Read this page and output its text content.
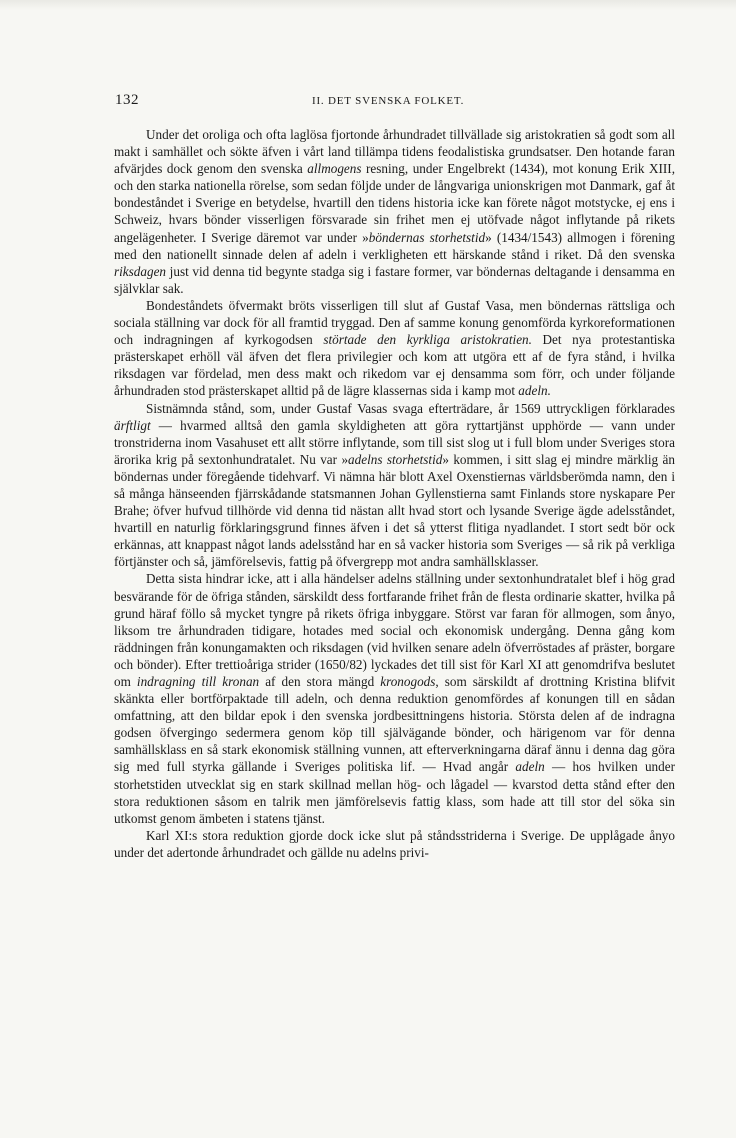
132	II. DET SVENSKA FOLKET.

Under det oroliga och ofta laglösa fjortonde århundradet tillvällade sig aristokratien så godt som all makt i samhället och sökte äfven i vårt land tillämpa tidens feodalistiska grundsatser. Den hotande faran afvärjdes dock genom den svenska allmogens resning, under Engelbrekt (1434), mot konung Erik XIII, och den starka nationella rörelse, som sedan följde under de långvariga unionskrigen mot Danmark, gaf åt bondeståndet i Sverige en betydelse, hvartill den tidens historia icke kan förete något motstycke, ej ens i Schweiz, hvars bönder visserligen försvarade sin frihet men ej utöfvade något inflytande på rikets angelägenheter. I Sverige däremot var under »böndernas storhetstid» (1434/1543) allmogen i förening med den nationellt sinnade delen af adeln i verkligheten ett härskande stånd i riket. Då den svenska riksdagen just vid denna tid begynte stadga sig i fastare former, var böndernas deltagande i densamma en självklar sak.

Bondeståndets öfvermakt bröts visserligen till slut af Gustaf Vasa, men böndernas rättsliga och sociala ställning var dock för all framtid tryggad. Den af samme konung genomförda kyrkoreformationen och indragningen af kyrkogodsen störtade den kyrkliga aristokratien. Det nya protestantiska prästerskapet erhöll väl äfven det flera privilegier och kom att utgöra ett af de fyra stånd, i hvilka riksdagen var fördelad, men dess makt och rikedom var ej densamma som förr, och under följande århundraden stod prästerskapet alltid på de lägre klassernas sida i kamp mot adeln.

Sistnämnda stånd, som, under Gustaf Vasas svaga efterträdare, år 1569 uttryckligen förklarades ärftligt — hvarmed alltså den gamla skyldigheten att göra ryttartjänst upphörde — vann under tronstriderna inom Vasahuset ett allt större inflytande, som till sist slog ut i full blom under Sveriges stora ärorika krig på sextonhundratalet. Nu var »adelns storhetstid» kommen, i sitt slag ej mindre märklig än böndernas under föregående tidehvarf. Vi nämna här blott Axel Oxenstiernas världsberömda namn, den i så många hänseenden fjärrskådande statsmannen Johan Gyllenstierna samt Finlands store nyskapare Per Brahe; öfver hufvud tillhörde vid denna tid nästan allt hvad stort och lysande Sverige ägde adelsståndet, hvartill en naturlig förklaringsgrund finnes äfven i det så ytterst flitiga nyadlandet. I stort sedt bör ock erkännas, att knappast något lands adelsstånd har en så vacker historia som Sveriges — så rik på verkliga förtjänster och så, jämförelsevis, fattig på öfvergrepp mot andra samhällsklasser.

Detta sista hindrar icke, att i alla händelser adelns ställning under sextonhundratalet blef i hög grad besvärande för de öfriga stånden, särskildt dess fortfarande frihet från de flesta ordinarie skatter, hvilka på grund häraf föllo så mycket tyngre på rikets öfriga inbyggare. Störst var faran för allmogen, som ånyo, liksom tre århundraden tidigare, hotades med social och ekonomisk undergång. Denna gång kom räddningen från konungamakten och riksdagen (vid hvilken senare adeln öfverröstades af präster, borgare och bönder). Efter trettioåriga strider (1650/82) lyckades det till sist för Karl XI att genomdrifva beslutet om indragning till kronan af den stora mängd kronogods, som särskildt af drottning Kristina blifvit skänkta eller bortförpaktade till adeln, och denna reduktion genomfördes af konungen till en sådan omfattning, att den bildar epok i den svenska jordbesittningens historia. Största delen af de indragna godsen öfvergingo sedermera genom köp till självägande bönder, och härigenom var för denna samhällsklass en så stark ekonomisk ställning vunnen, att efterverkningarna däraf ännu i denna dag göra sig med full styrka gällande i Sveriges politiska lif. — Hvad angår adeln — hos hvilken under storhetstiden utvecklat sig en stark skillnad mellan hög- och lågadel — kvarstod detta stånd efter den stora reduktionen såsom en talrik men jämförelsevis fattig klass, som hade att till stor del söka sin utkomst genom ämbeten i statens tjänst.

Karl XI:s stora reduktion gjorde dock icke slut på ståndsstriderna i Sverige. De upplågade ånyo under det adertonde århundradet och gällde nu adelns privi-
